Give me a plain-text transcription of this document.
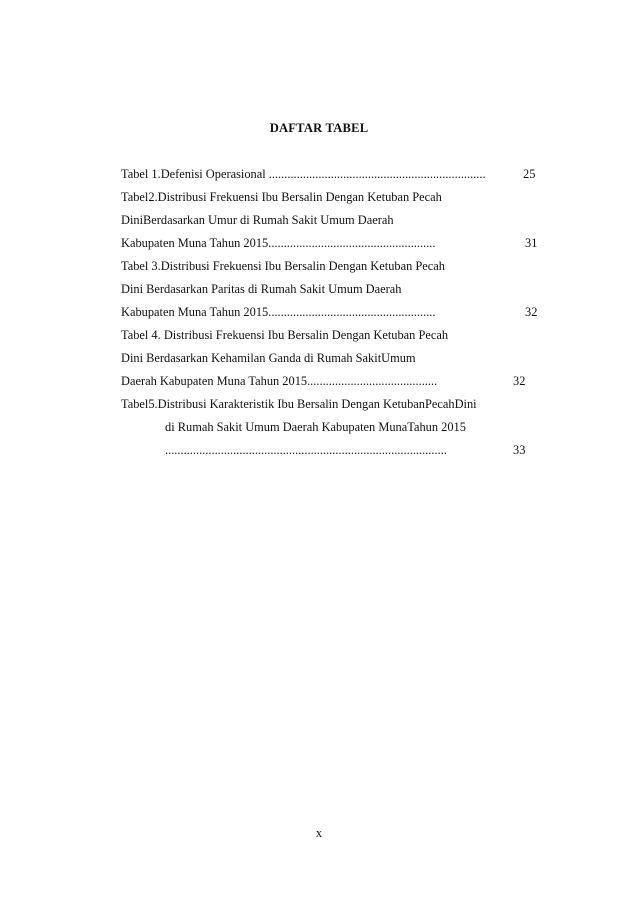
DAFTAR TABEL
Tabel 1.Defenisi Operasional ......................................................................	25
Tabel2.Distribusi Frekuensi Ibu Bersalin Dengan Ketuban Pecah
DiniBerdasarkan Umur di Rumah Sakit Umum Daerah
Kabupaten Muna Tahun 2015......................................................	31
Tabel 3.Distribusi Frekuensi Ibu Bersalin Dengan Ketuban Pecah
Dini Berdasarkan Paritas di Rumah Sakit Umum Daerah
Kabupaten Muna Tahun 2015......................................................	32
Tabel 4. Distribusi Frekuensi Ibu Bersalin Dengan Ketuban Pecah
Dini Berdasarkan Kehamilan Ganda di Rumah SakitUmum
Daerah Kabupaten Muna Tahun 2015..........................................	32
Tabel5.Distribusi Karakteristik Ibu Bersalin Dengan KetubanPecahDini
di Rumah Sakit Umum Daerah Kabupaten MunaTahun 2015
...........................................................................................	33
x
